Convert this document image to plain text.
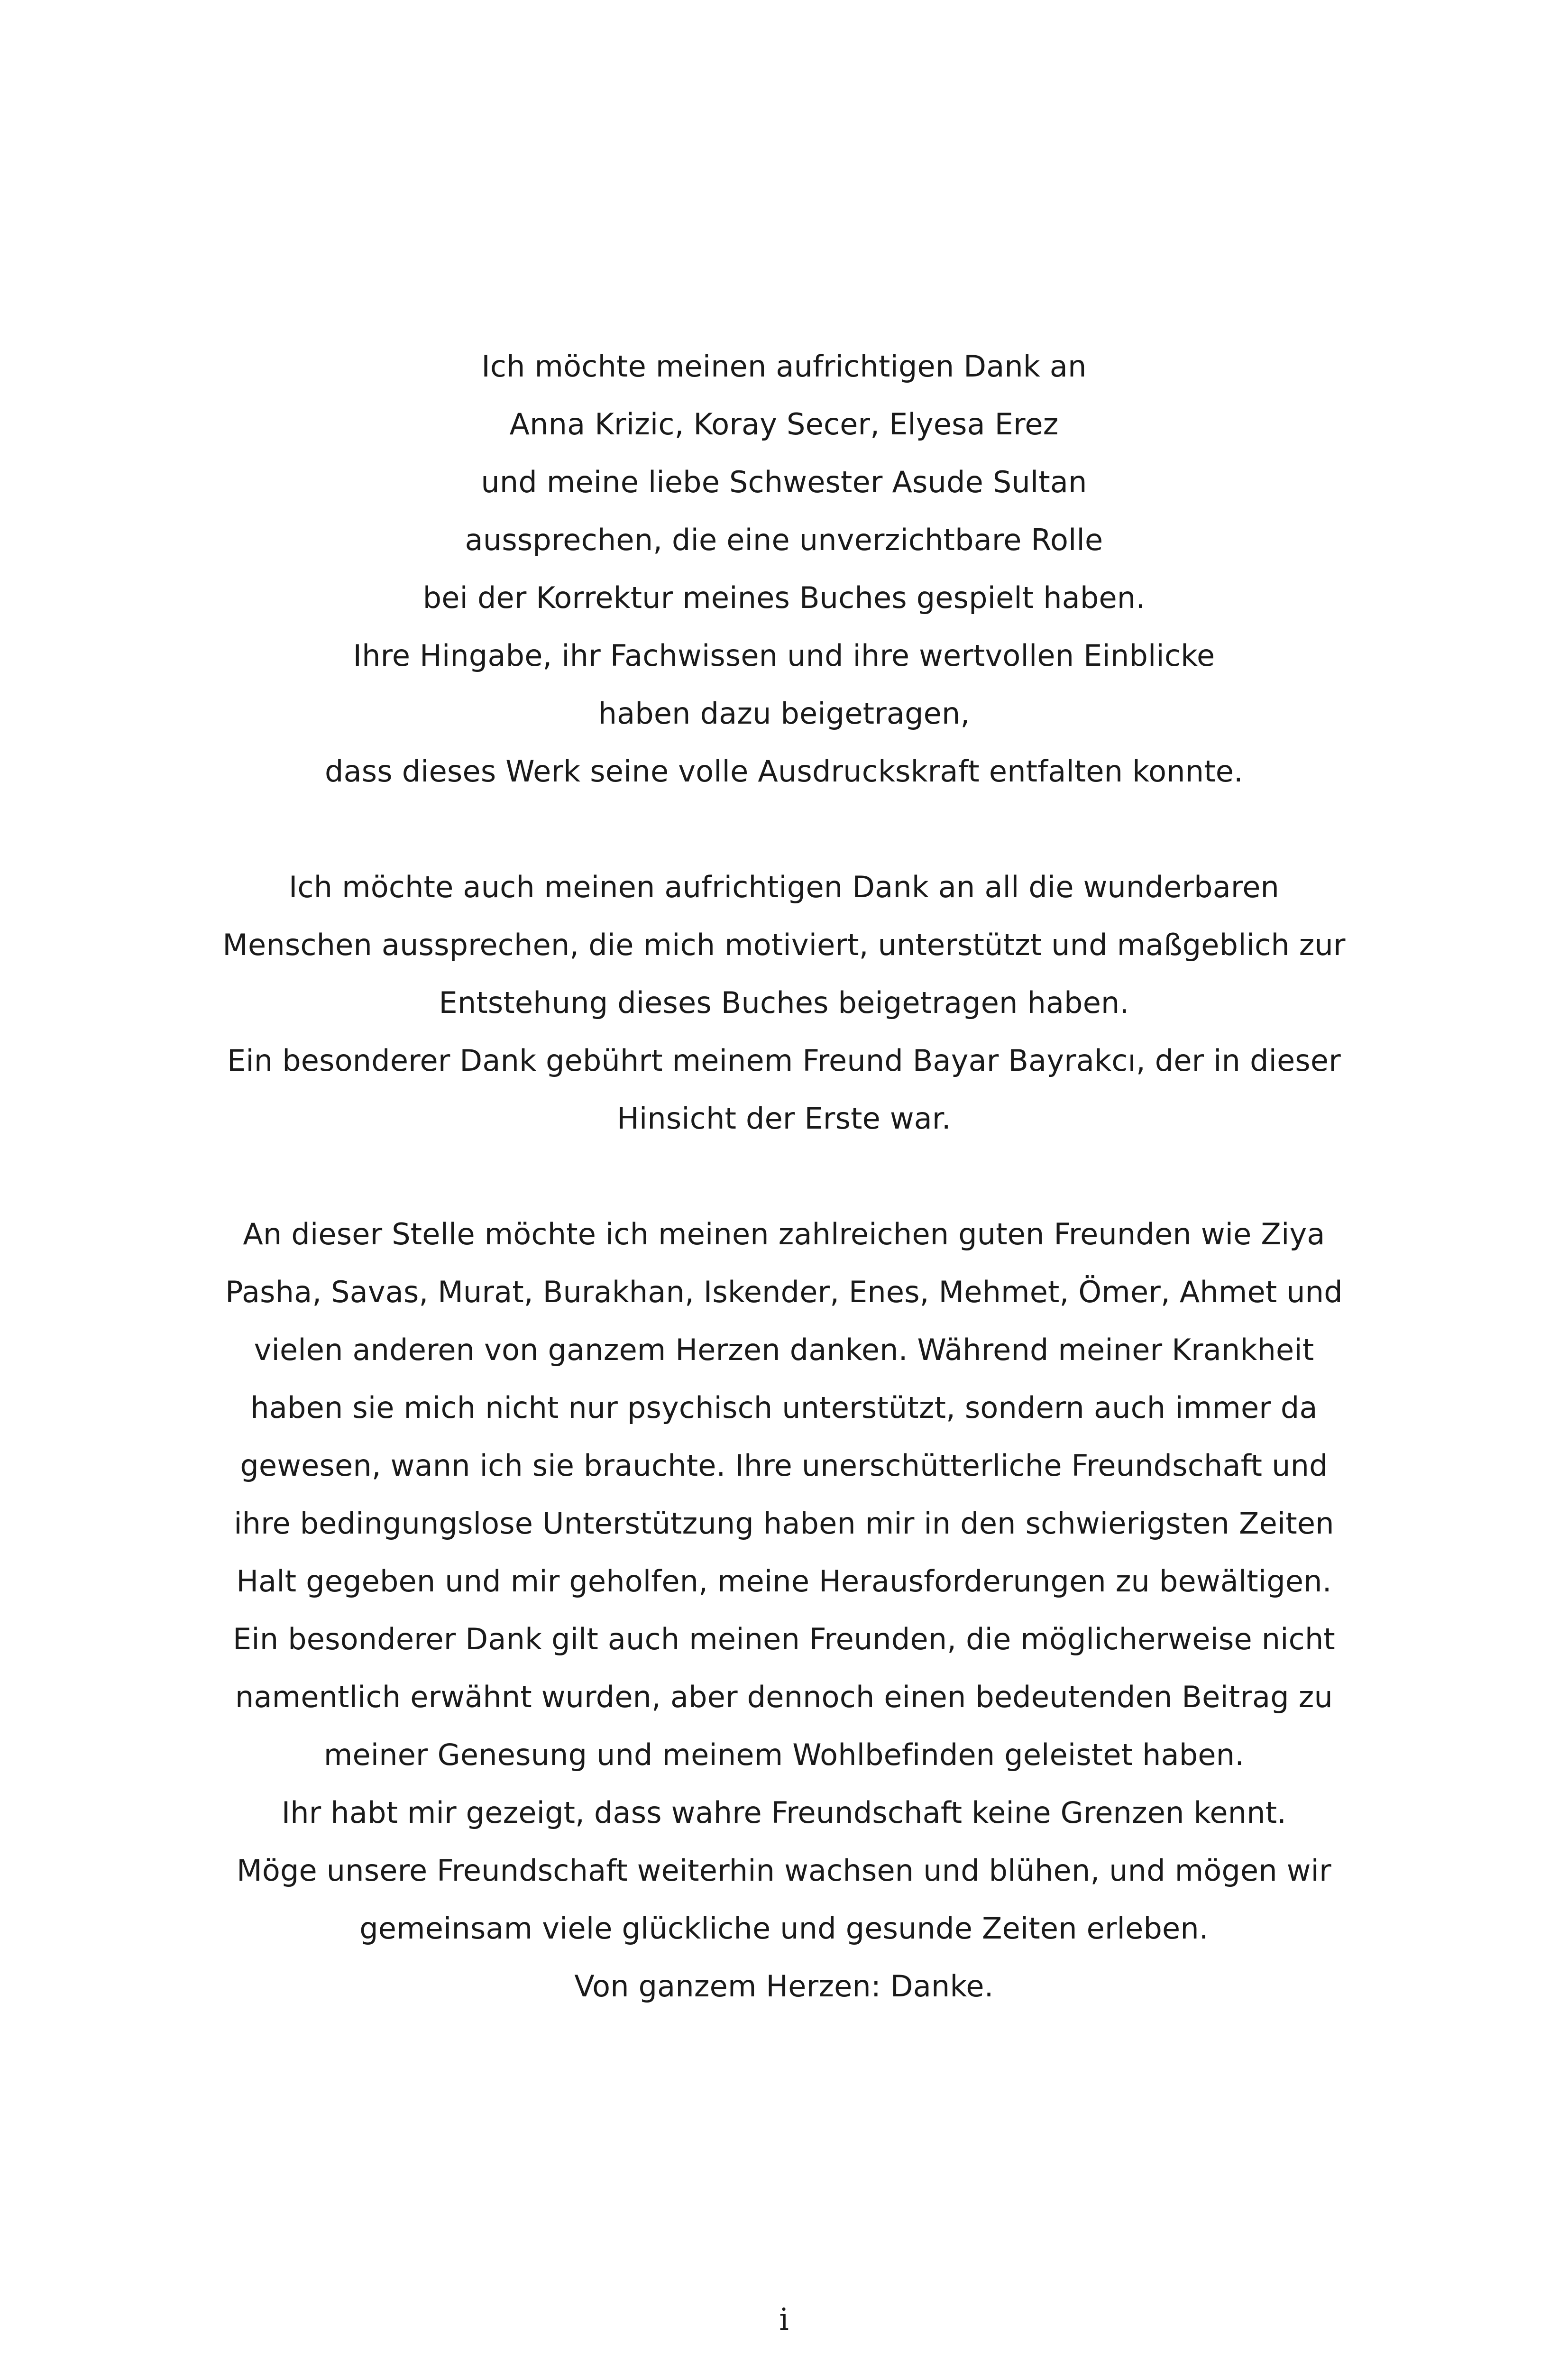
Ich möchte meinen aufrichtigen Dank an
Anna Krizic, Koray Secer, Elyesa Erez
und meine liebe Schwester Asude Sultan
aussprechen, die eine unverzichtbare Rolle
bei der Korrektur meines Buches gespielt haben.
Ihre Hingabe, ihr Fachwissen und ihre wertvollen Einblicke
haben dazu beigetragen,
dass dieses Werk seine volle Ausdruckskraft entfalten konnte.
Ich möchte auch meinen aufrichtigen Dank an all die wunderbaren
Menschen aussprechen, die mich motiviert, unterstützt und maßgeblich zur
Entstehung dieses Buches beigetragen haben.
Ein besonderer Dank gebührt meinem Freund Bayar Bayrakcı, der in dieser
Hinsicht der Erste war.
An dieser Stelle möchte ich meinen zahlreichen guten Freunden wie Ziya
Pasha, Savas, Murat, Burakhan, Iskender, Enes, Mehmet, Ömer, Ahmet und
vielen anderen von ganzem Herzen danken. Während meiner Krankheit
haben sie mich nicht nur psychisch unterstützt, sondern auch immer da
gewesen, wann ich sie brauchte. Ihre unerschütterliche Freundschaft und
ihre bedingungslose Unterstützung haben mir in den schwierigsten Zeiten
Halt gegeben und mir geholfen, meine Herausforderungen zu bewältigen.
Ein besonderer Dank gilt auch meinen Freunden, die möglicherweise nicht
namentlich erwähnt wurden, aber dennoch einen bedeutenden Beitrag zu
meiner Genesung und meinem Wohlbefinden geleistet haben.
Ihr habt mir gezeigt, dass wahre Freundschaft keine Grenzen kennt.
Möge unsere Freundschaft weiterhin wachsen und blühen, und mögen wir
gemeinsam viele glückliche und gesunde Zeiten erleben.
Von ganzem Herzen: Danke.
i
